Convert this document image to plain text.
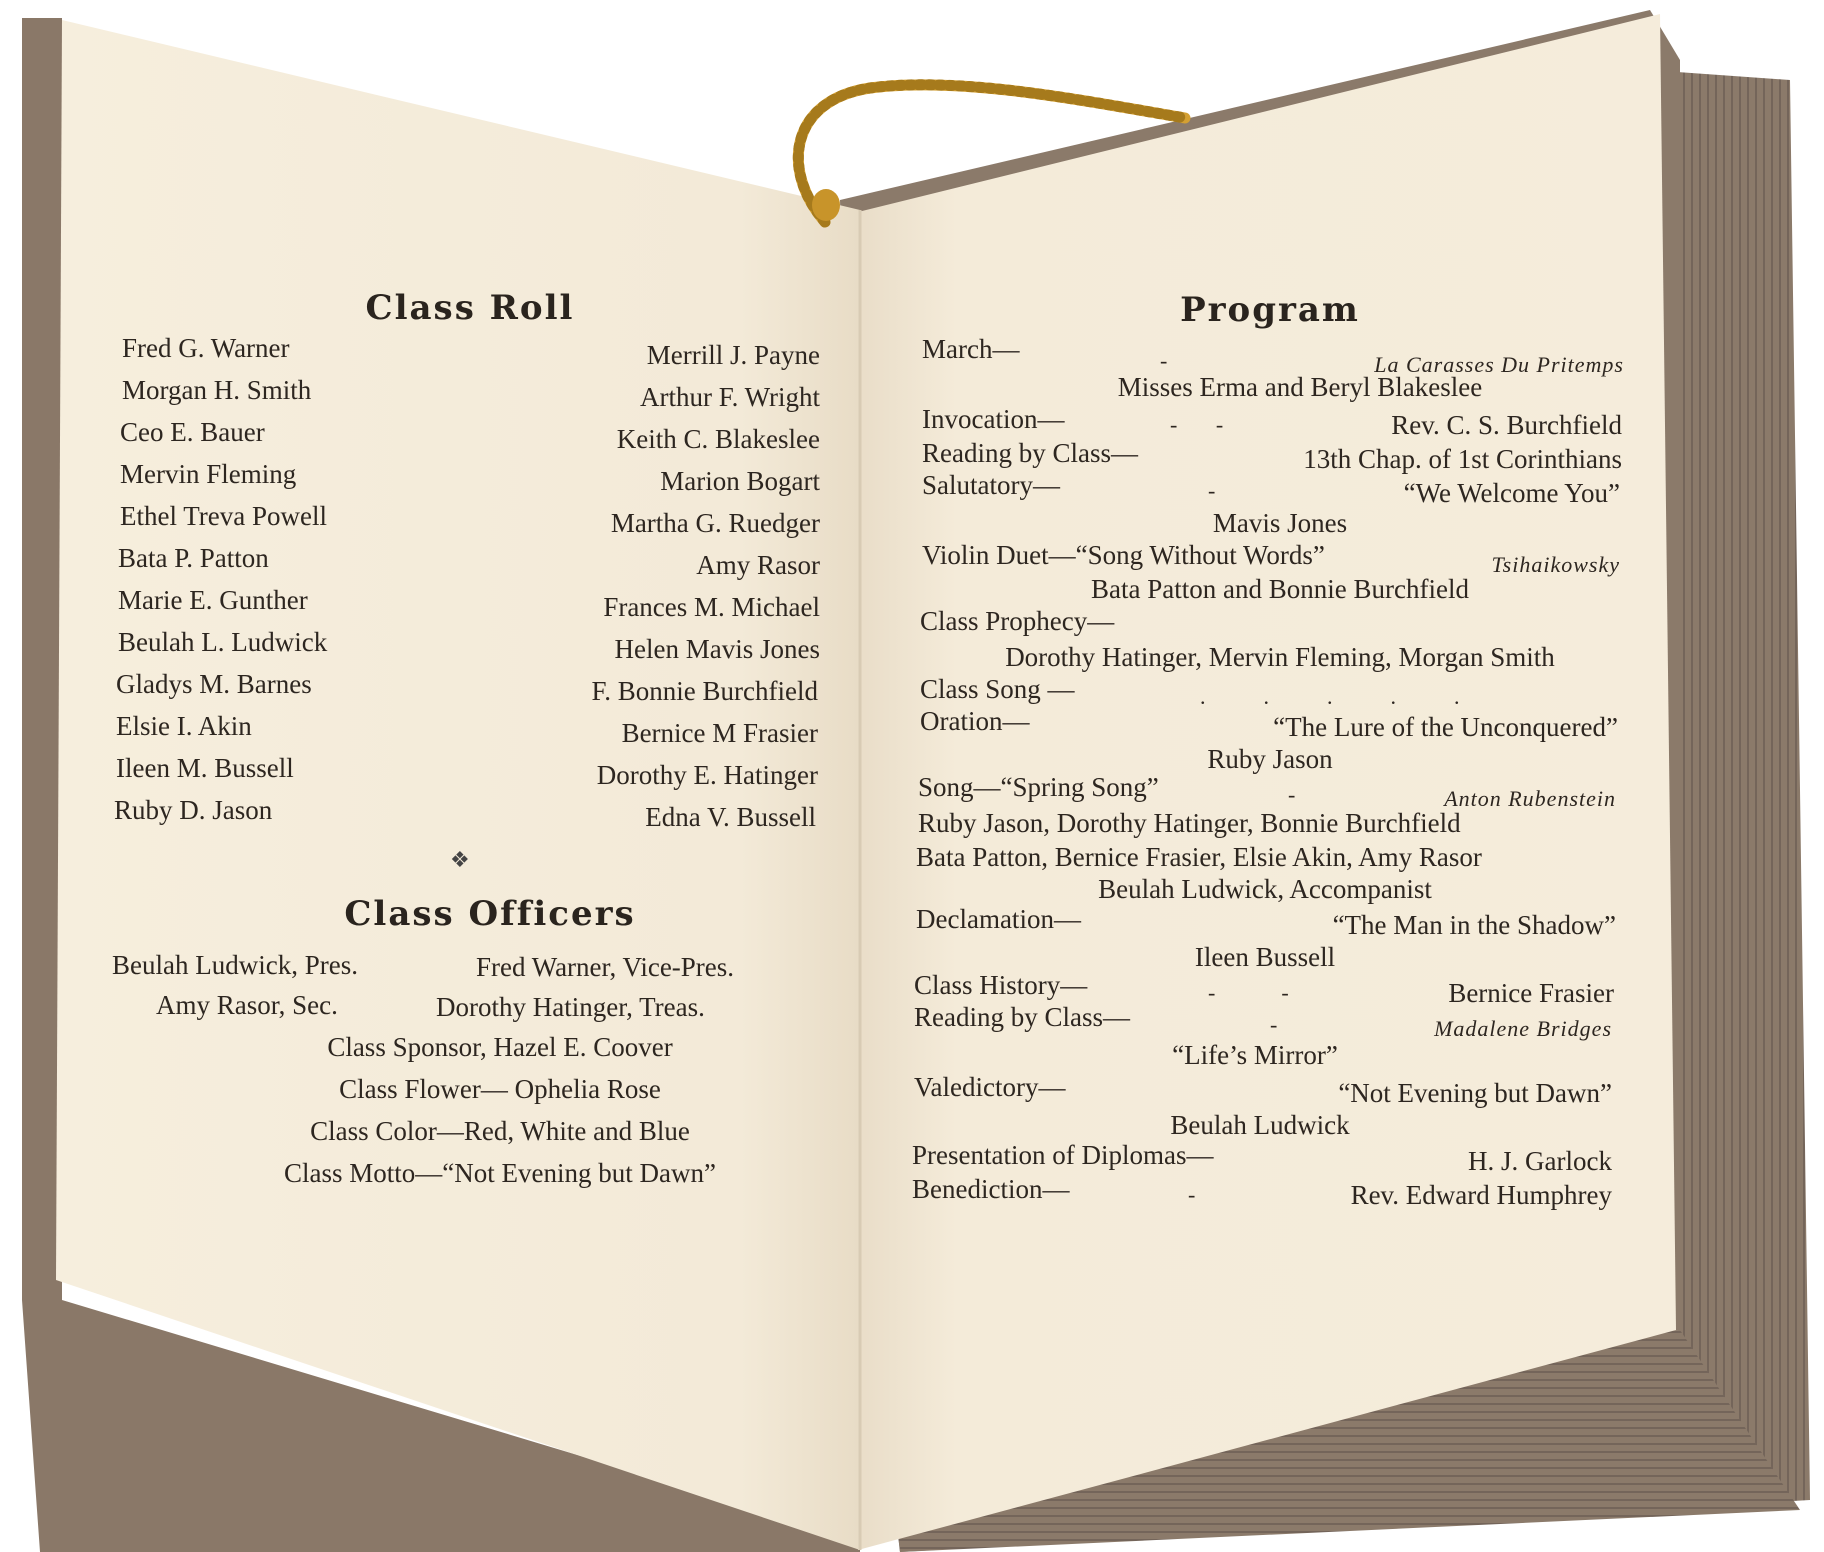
Class Roll
Fred G. Warner
Morgan H. Smith
Ceo E. Bauer
Mervin Fleming
Ethel Treva Powell
Bata P. Patton
Marie E. Gunther
Beulah L. Ludwick
Gladys M. Barnes
Elsie I. Akin
Ileen M. Bussell
Ruby D. Jason
Merrill J. Payne
Arthur F. Wright
Keith C. Blakeslee
Marion Bogart
Martha G. Ruedger
Amy Rasor
Frances M. Michael
Helen Mavis Jones
F. Bonnie Burchfield
Bernice M Frasier
Dorothy E. Hatinger
Edna V. Bussell
❖
Class Officers
Beulah Ludwick, Pres.	Fred Warner, Vice-Pres.
Amy Rasor, Sec.	Dorothy Hatinger, Treas.
Class Sponsor, Hazel E. Coover
Class Flower— Ophelia Rose
Class Color—Red, White and Blue
Class Motto—“Not Evening but Dawn”
Program
March—	-	La Carasses Du Pritemps
Misses Erma and Beryl Blakeslee
Invocation—	-       -	Rev. C. S. Burchfield
Reading by Class—	13th Chap. of 1st Corinthians
Salutatory—	-	“We Welcome You”
Mavis Jones
Violin Duet—“Song Without Words”	Tsihaikowsky
Bata Patton and Bonnie Burchfield
Class Prophecy—
Dorothy Hatinger, Mervin Fleming, Morgan Smith
Class Song —	.....
Oration—	“The Lure of the Unconquered”
Ruby Jason
Song—“Spring Song”	-	Anton Rubenstein
Ruby Jason, Dorothy Hatinger, Bonnie Burchfield
Bata Patton, Bernice Frasier, Elsie Akin, Amy Rasor
Beulah Ludwick, Accompanist
Declamation—	“The Man in the Shadow”
Ileen Bussell
Class History—	-            -	Bernice Frasier
Reading by Class—	-	Madalene Bridges
“Life’s Mirror”
Valedictory—	“Not Evening but Dawn”
Beulah Ludwick
Presentation of Diplomas—	H. J. Garlock
Benediction—	-	Rev. Edward Humphrey
